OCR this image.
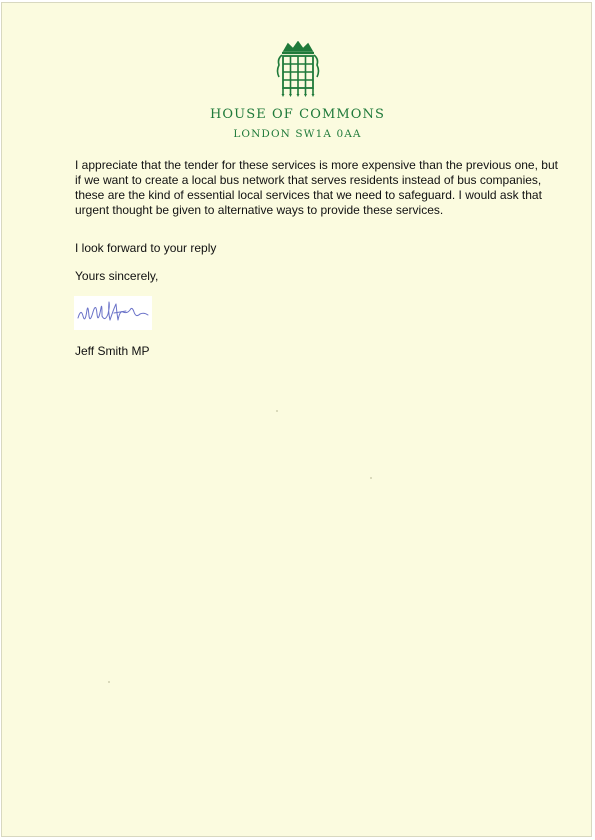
HOUSE OF COMMONS

LONDON SW1A 0AA

I appreciate that the tender for these services is more expensive than the previous one, but if we want to create a local bus network that serves residents instead of bus companies, these are the kind of essential local services that we need to safeguard. I would ask that urgent thought be given to alternative ways to provide these services.

I look forward to your reply

Yours sincerely,

Jeff Smith MP
